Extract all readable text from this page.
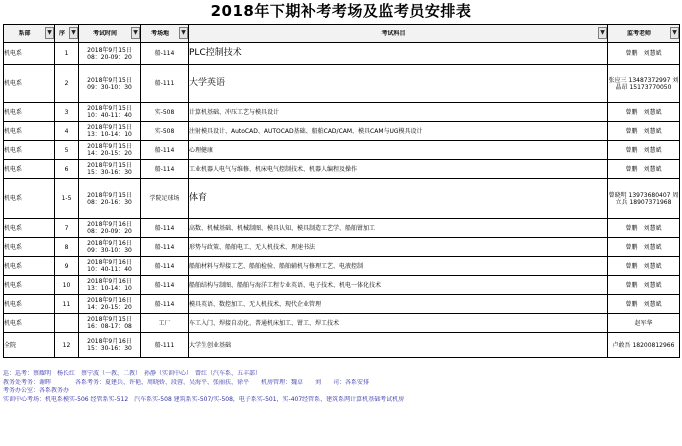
2018年下期补考考场及监考员安排表
系部 ▼	序 ▼	考试时间 ▼	考场地 ▼	考试科目 ▼	监考老师 ▼

机电系	1	2018年9月15日
08：20-09：20	船-114	PLC控制技术	曾鹏　刘慧斌
机电系	2	2018年9月15日
09：30-10：30	船-111	大学英语	张应三 13487372997 刘晶昂 15173770050
机电系	3	2018年9月15日
10：40-11：40	实-508	计算机基础、冲压工艺与模具设计	曾鹏　刘慧斌
机电系	4	2018年9月15日
13：10-14：10	实-508	注射模具设计、AutoCAD、AUTOCAD基础、船舶CAD/CAM、模具CAM与UG模具设计	曾鹏　刘慧斌
机电系	5	2018年9月15日
14：20-15：20	船-114	心理健康	曾鹏　刘慧斌
机电系	6	2018年9月15日
15：30-16：30	船-114	工业机器人电气与维修、机床电气控制技术、机器人编程及操作	曾鹏　刘慧斌
机电系	1-5	2018年9月15日
08：20-16：30	学院足球场	体育	曾晓明 13973680407 周立兵 18907371968
机电系	7	2018年9月16日
08：20-09：20	船-114	高数、机械基础、机械制图、模具认知、模具制造工艺学、船舶钳加工	曾鹏　刘慧斌
机电系	8	2018年9月16日
09：30-10：30	船-114	形势与政策、船舶电工、无人机技术、理速书法	曾鹏　刘慧斌
机电系	9	2018年9月16日
10：40-11：40	船-114	船舶材料与焊接工艺、船舶检验、船舶辅机与修理工艺、电液控制	曾鹏　刘慧斌
机电系	10	2018年9月16日
13：10-14：10	船-114	船舶结构与制图、船舶与海洋工程专业英语、电子技术、机电一体化技术	曾鹏　刘慧斌
机电系	11	2018年9月16日
14：20-15：20	船-114	模具英语、数控加工、无人机技术、现代企业管理	曾鹏　刘慧斌
机电系		2018年9月15日
16：08-17：08	工厂	车工入门、焊接自动化、普通机床加工、钳工、焊工技术	赵军华
全院	12	2018年9月16日
15：30-16：30	船-111	大学生创业基础	卢敢吾 18200812966
巡：巡考：蔡耀明　杨长红　蔡宁波（一教、二教）　孙静（实训中心）　曾红（汽车系、五丰部）
教务处考务：谢晖　　　　各系考务：夏建兵、许艳、周晓娇、段蓉、吴海平、张丽扶、徐平　　机房管理：魏卓　　刘　　司：各系安排
考务办公室：各系教务办
实训中心考场：机电系模实-506 经管系实-512　汽车系实-508 建筑系实-507/实-508，电子系实-501，实-407经管系、建筑系网计算机基础考试机房
